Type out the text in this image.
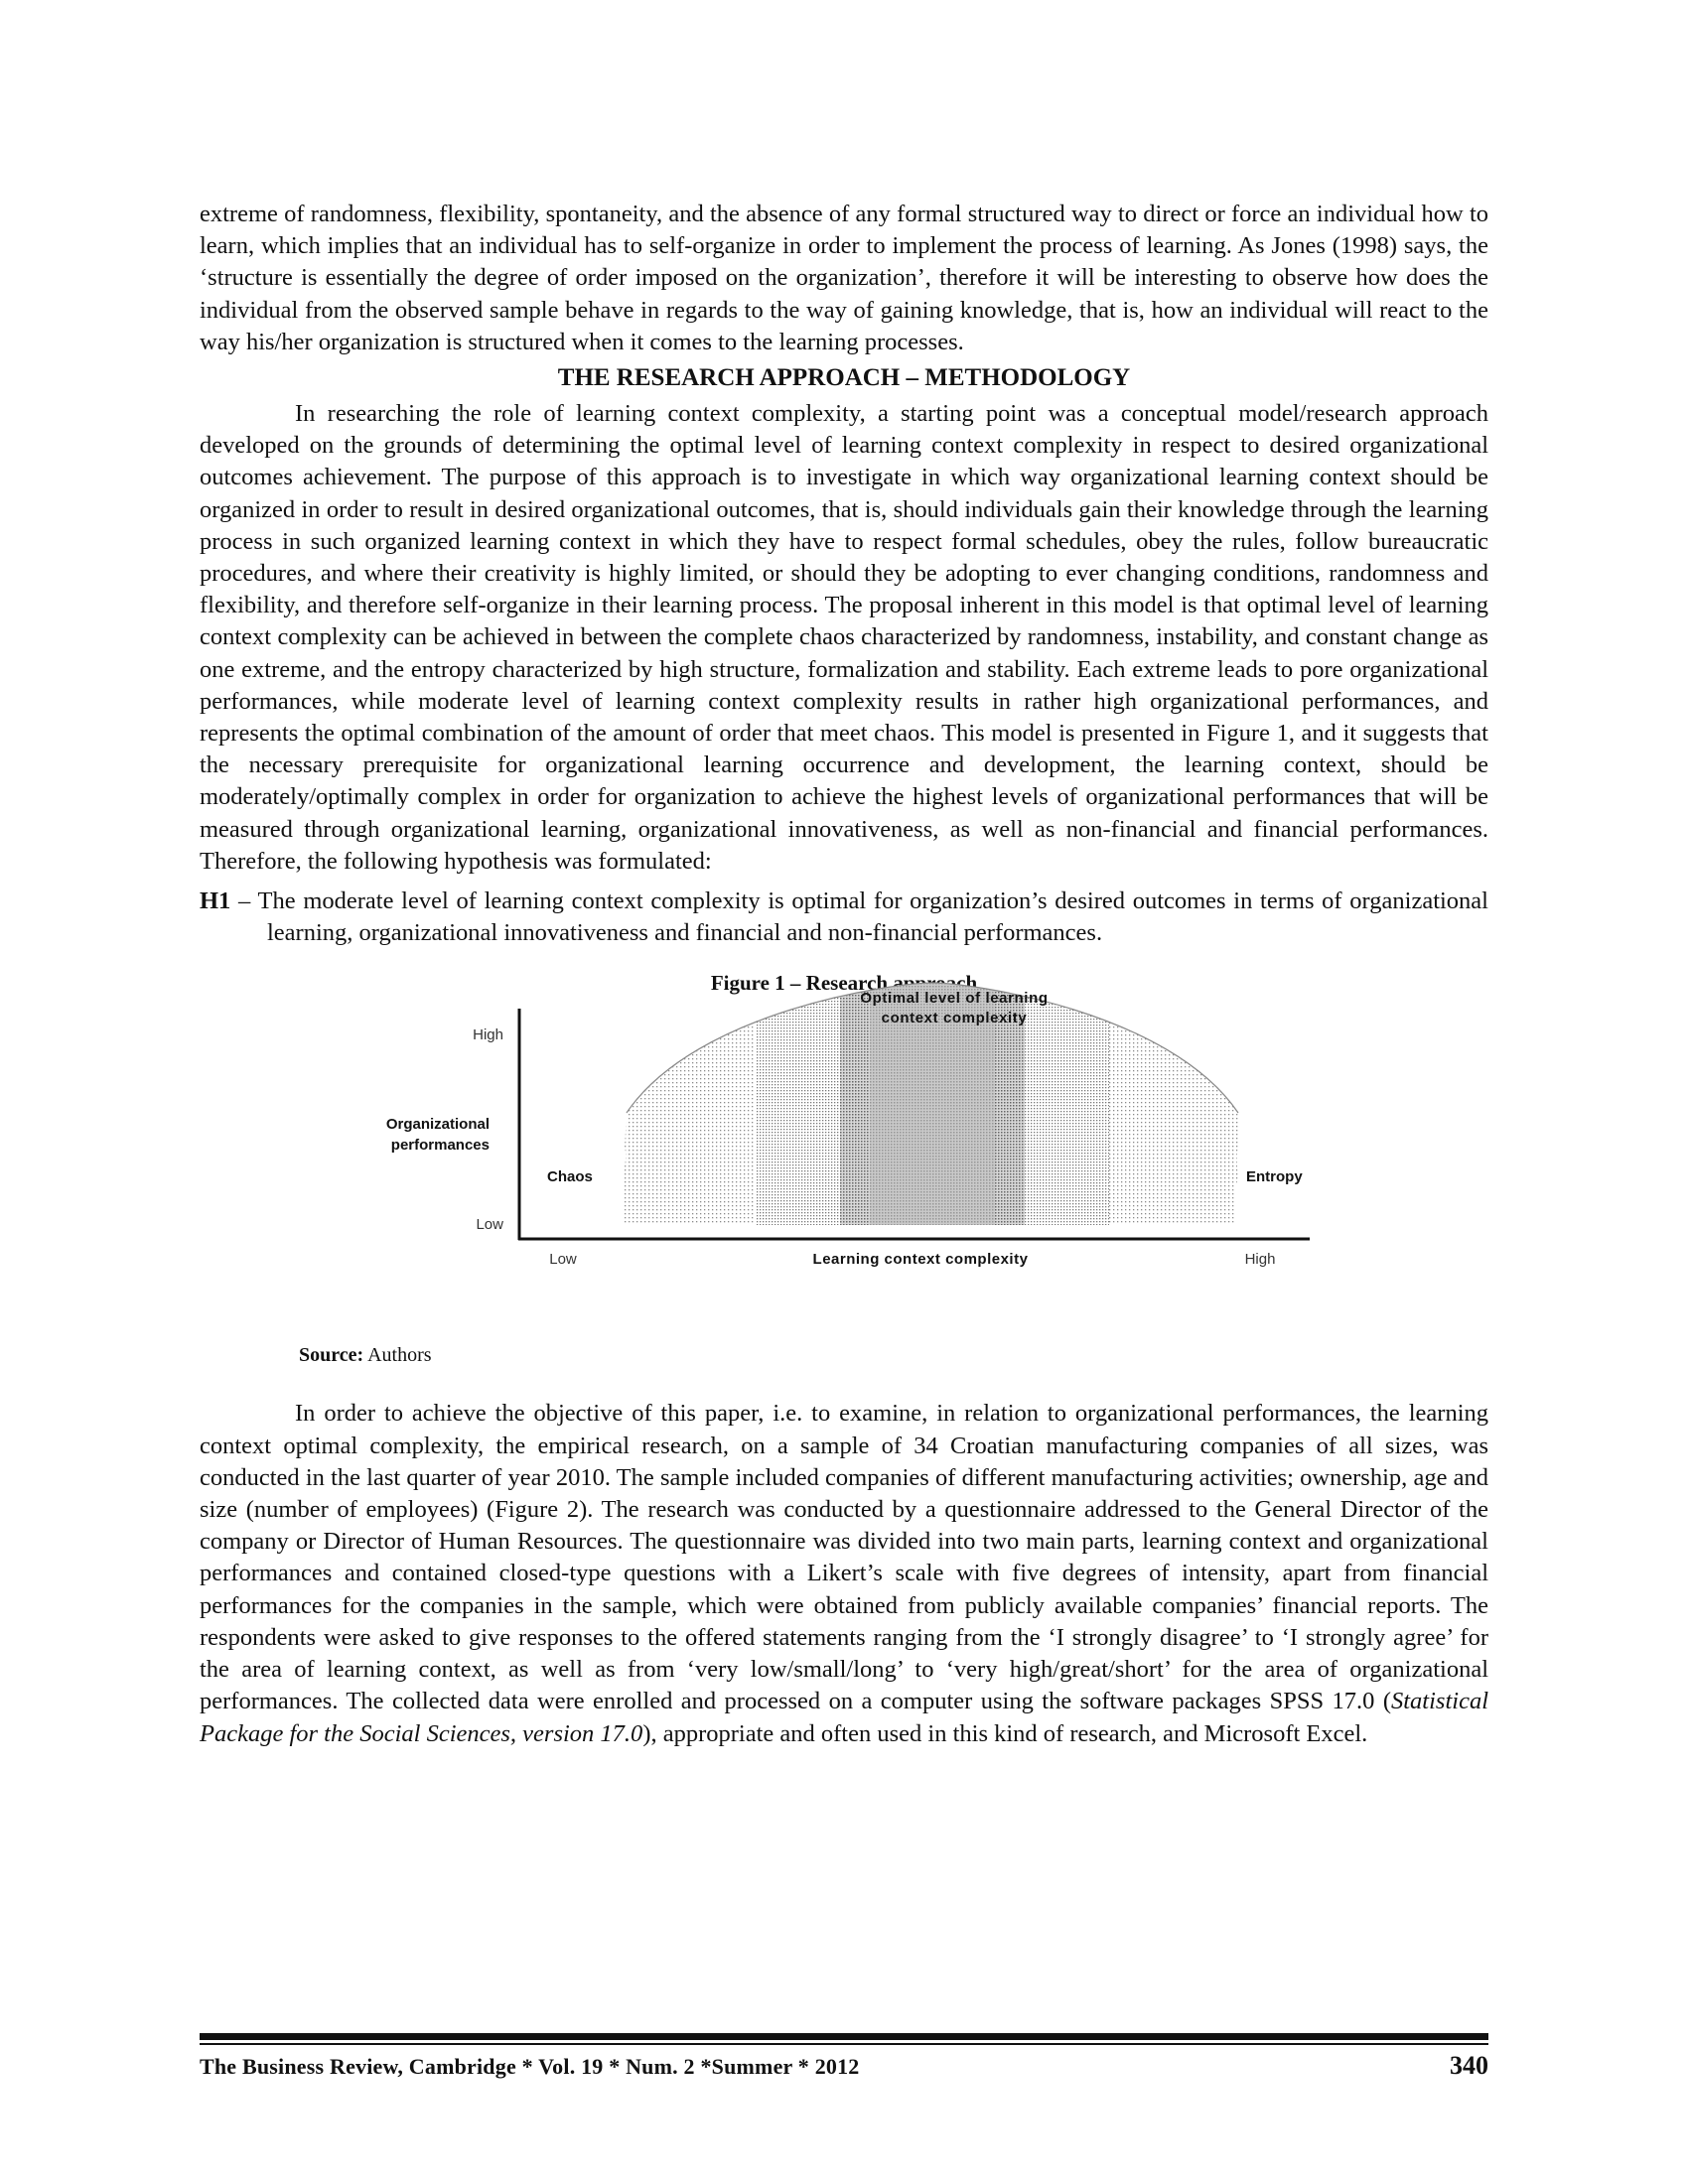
extreme of randomness, flexibility, spontaneity, and the absence of any formal structured way to direct or force an individual how to learn, which implies that an individual has to self-organize in order to implement the process of learning. As Jones (1998) says, the ‘structure is essentially the degree of order imposed on the organization’, therefore it will be interesting to observe how does the individual from the observed sample behave in regards to the way of gaining knowledge, that is, how an individual will react to the way his/her organization is structured when it comes to the learning processes.

THE RESEARCH APPROACH – METHODOLOGY

In researching the role of learning context complexity, a starting point was a conceptual model/research approach developed on the grounds of determining the optimal level of learning context complexity in respect to desired organizational outcomes achievement. The purpose of this approach is to investigate in which way organizational learning context should be organized in order to result in desired organizational outcomes, that is, should individuals gain their knowledge through the learning process in such organized learning context in which they have to respect formal schedules, obey the rules, follow bureaucratic procedures, and where their creativity is highly limited, or should they be adopting to ever changing conditions, randomness and flexibility, and therefore self-organize in their learning process. The proposal inherent in this model is that optimal level of learning context complexity can be achieved in between the complete chaos characterized by randomness, instability, and constant change as one extreme, and the entropy characterized by high structure, formalization and stability. Each extreme leads to pore organizational performances, while moderate level of learning context complexity results in rather high organizational performances, and represents the optimal combination of the amount of order that meet chaos. This model is presented in Figure 1, and it suggests that the necessary prerequisite for organizational learning occurrence and development, the learning context, should be moderately/optimally complex in order for organization to achieve the highest levels of organizational performances that will be measured through organizational learning, organizational innovativeness, as well as non-financial and financial performances. Therefore, the following hypothesis was formulated:

H1 – The moderate level of learning context complexity is optimal for organization’s desired outcomes in terms of organizational learning, organizational innovativeness and financial and non-financial performances.

Figure 1 – Research approach

Optimal level of learning
context complexity
High
Low
Organizational
performances
Chaos	Entropy
Low	Learning context complexity	High

Source: Authors

In order to achieve the objective of this paper, i.e. to examine, in relation to organizational performances, the learning context optimal complexity, the empirical research, on a sample of 34 Croatian manufacturing companies of all sizes, was conducted in the last quarter of year 2010. The sample included companies of different manufacturing activities; ownership, age and size (number of employees) (Figure 2). The research was conducted by a questionnaire addressed to the General Director of the company or Director of Human Resources. The questionnaire was divided into two main parts, learning context and organizational performances and contained closed-type questions with a Likert’s scale with five degrees of intensity, apart from financial performances for the companies in the sample, which were obtained from publicly available companies’ financial reports. The respondents were asked to give responses to the offered statements ranging from the ‘I strongly disagree’ to ‘I strongly agree’ for the area of learning context, as well as from ‘very low/small/long’ to ‘very high/great/short’ for the area of organizational performances. The collected data were enrolled and processed on a computer using the software packages SPSS 17.0 (Statistical Package for the Social Sciences, version 17.0), appropriate and often used in this kind of research, and Microsoft Excel.

The Business Review, Cambridge * Vol. 19 * Num. 2 *Summer * 2012	340
